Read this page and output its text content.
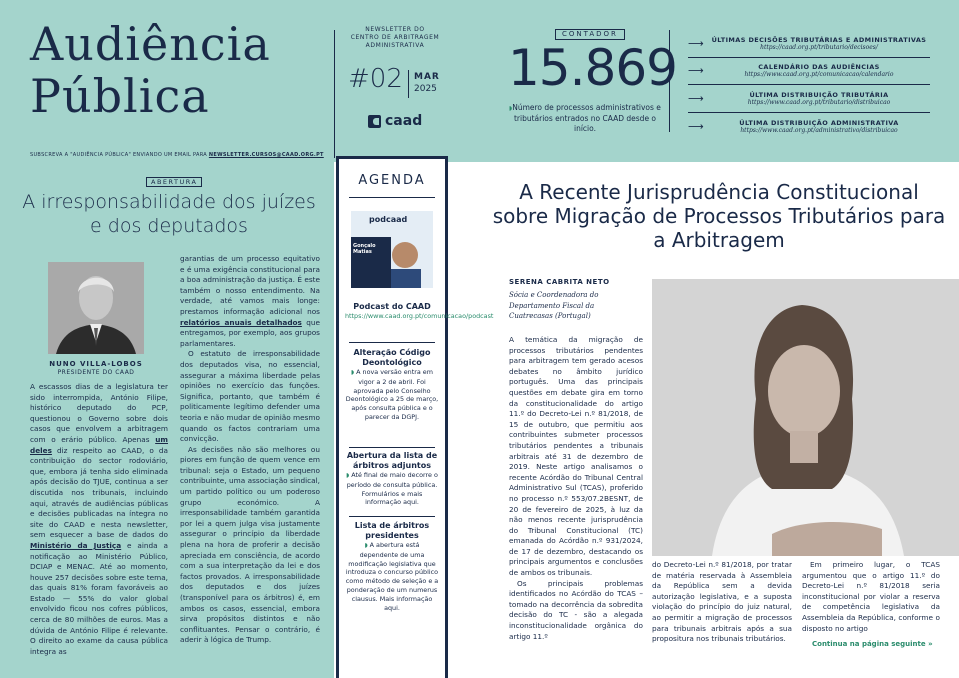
Audiência
Pública
SUBSCREVA A "AUDIÊNCIA PÚBLICA" ENVIANDO UM EMAIL PARA NEWSLETTER.CURSOS@CAAD.ORG.PT
NEWSLETTER DO CENTRO DE ARBITRAGEM ADMINISTRATIVA
#02 MAR
2025
caad
CONTADOR
15.869
◗Número de processos administrativos e tributários entrados no CAAD desde o início.
⟶	ÚLTIMAS DECISÕES TRIBUTÁRIAS E ADMINISTRATIVAS
https://caad.org.pt/tributario/decisoes/
⟶	CALENDÁRIO DAS AUDIÊNCIAS
https://www.caad.org.pt/comunicacao/calendario
⟶	ÚLTIMA DISTRIBUIÇÃO TRIBUTÁRIA
https://www.caad.org.pt/tributario/distribuicao
⟶	ÚLTIMA DISTRIBUIÇÃO ADMINISTRATIVA
https://www.caad.org.pt/administrativo/distribuicao
ABERTURA
A irresponsabilidade dos juízes e dos deputados
NUNO VILLA-LOBOS
PRESIDENTE DO CAAD
A escassos dias de a legislatura ter sido interrompida, António Filipe, histórico deputado do PCP, questionou o Governo sobre dois casos que envolvem a arbitragem com o erário público. Apenas um deles diz respeito ao CAAD, o da contribuição do sector rodoviário, que, embora já tenha sido eliminada após decisão do TJUE, continua a ser discutida nos tribunais, incluindo aqui, através de audiências públicas e decisões publicadas na íntegra no site do CAAD e nesta newsletter, sem esquecer a base de dados do Ministério da Justiça e ainda a notificação ao Ministério Público, DCIAP e MENAC. Até ao momento, houve 257 decisões sobre este tema, das quais 81% foram favoráveis ao Estado — 55% do valor global envolvido ficou nos cofres públicos, cerca de 80 milhões de euros. Mas a dúvida de António Filipe é relevante. O direito ao exame da causa pública integra as

garantias de um processo equitativo e é uma exigência constitucional para a boa administração da justiça. É este também o nosso entendimento. Na verdade, até vamos mais longe: prestamos informação adicional nos relatórios anuais detalhados que entregamos, por exemplo, aos grupos parlamentares.

O estatuto de irresponsabilidade dos deputados visa, no essencial, assegurar a máxima liberdade pelas opiniões no exercício das funções. Significa, portanto, que também é politicamente legítimo defender uma teoria e não mudar de opinião mesmo quando os factos contrariam uma convicção.

As decisões não são melhores ou piores em função de quem vence em tribunal: seja o Estado, um pequeno contribuinte, uma associação sindical, um partido político ou um poderoso grupo económico. A irresponsabilidade também garantida por lei a quem julga visa justamente assegurar o princípio da liberdade plena na hora de proferir a decisão apreciada em consciência, de acordo com a sua interpretação da lei e dos factos provados. A irresponsabilidade dos deputados e dos juízes (transponível para os árbitros) é, em ambos os casos, essencial, embora sirva propósitos distintos e não conflituantes. Pensar o contrário, é aderir à lógica de Trump.

AGENDA
podcaad
Gonçalo Matias
Podcast do CAAD
https://www.caad.org.pt/comunicacao/podcast
Alteração Código Deontológico
◗ A nova versão entra em vigor a 2 de abril. Foi aprovada pelo Conselho Deontológico a 25 de março, após consulta pública e o parecer da DGPJ.
Abertura da lista de árbitros adjuntos
◗ Até final de maio decorre o período de consulta pública. Formulários e mais informação aqui.
Lista de árbitros presidentes
◗ A abertura está dependente de uma modificação legislativa que introduza o concurso público como método de seleção e a ponderação de um numerus clausus. Mais informação aqui.
A Recente Jurisprudência Constitucional sobre Migração de Processos Tributários para a Arbitragem
SERENA CABRITA NETO
Sócia e Coordenadora do Departamento Fiscal da Cuatrecasas (Portugal)

A temática da migração de processos tributários pendentes para arbitragem tem gerado acesos debates no âmbito jurídico português. Uma das principais questões em debate gira em torno da constitucionalidade do artigo 11.º do Decreto-Lei n.º 81/2018, de 15 de outubro, que permitiu aos contribuintes submeter processos tributários pendentes a tribunais arbitrais até 31 de dezembro de 2019. Neste artigo analisamos o recente Acórdão do Tribunal Central Administrativo Sul (TCAS), proferido no processo n.º 553/07.2BESNT, de 20 de fevereiro de 2025, à luz da não menos recente jurisprudência do Tribunal Constitucional (TC) emanada do Acórdão n.º 931/2024, de 17 de dezembro, destacando os principais argumentos e conclusões de ambos os tribunais.

Os principais problemas identificados no Acórdão do TCAS – tomado na decorrência da sobredita decisão do TC - são a alegada inconstitucionalidade orgânica do artigo 11.º

do Decreto-Lei n.º 81/2018, por tratar de matéria reservada à Assembleia da República sem a devida autorização legislativa, e a suposta violação do princípio do juiz natural, ao permitir a migração de processos para tribunais arbitrais após a sua propositura nos tribunais tributários.

Em primeiro lugar, o TCAS argumentou que o artigo 11.º do Decreto-Lei n.º 81/2018 seria inconstitucional por violar a reserva de competência legislativa da Assembleia da República, conforme o disposto no artigo

Continua na página seguinte »
